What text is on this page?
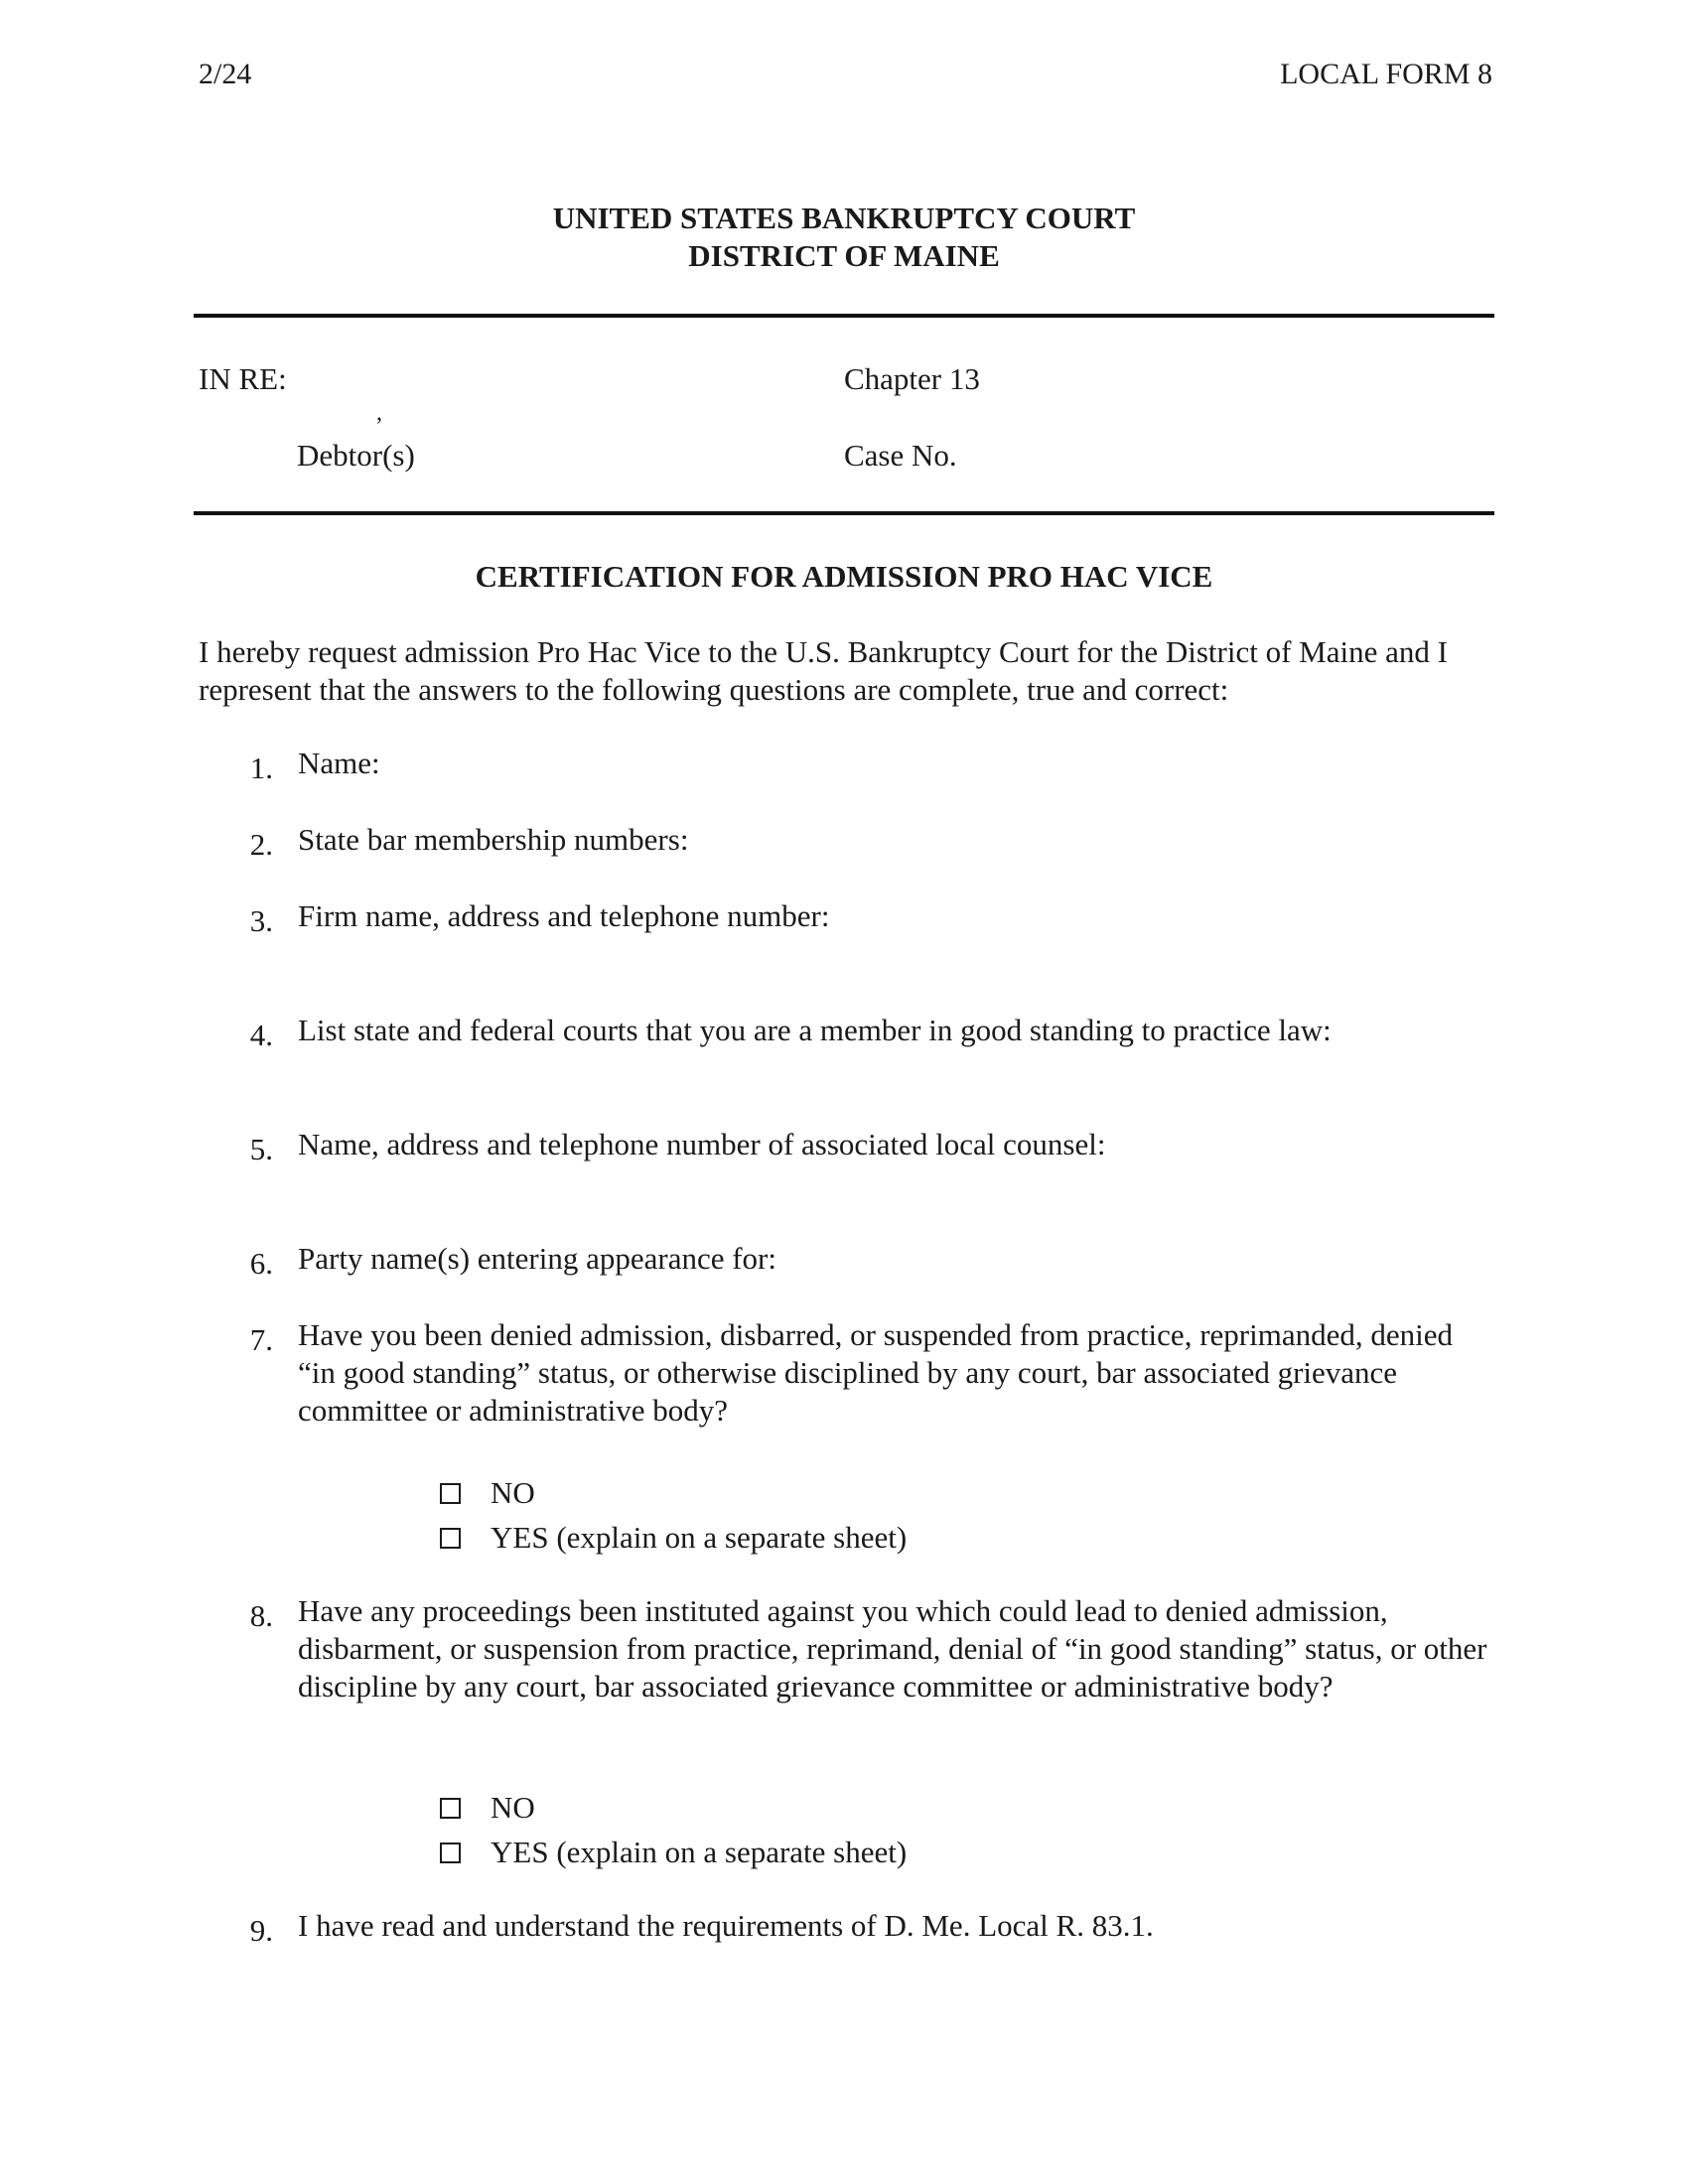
2/24	LOCAL FORM 8
UNITED STATES BANKRUPTCY COURT
DISTRICT OF MAINE
IN RE:	Chapter 13
,
Debtor(s)	Case No.
CERTIFICATION FOR ADMISSION PRO HAC VICE
I hereby request admission Pro Hac Vice to the U.S. Bankruptcy Court for the District of Maine and I represent that the answers to the following questions are complete, true and correct:
1. Name:
2. State bar membership numbers:
3. Firm name, address and telephone number:
4. List state and federal courts that you are a member in good standing to practice law:
5. Name, address and telephone number of associated local counsel:
6. Party name(s) entering appearance for:
7. Have you been denied admission, disbarred, or suspended from practice, reprimanded, denied “in good standing” status, or otherwise disciplined by any court, bar associated grievance committee or administrative body?
NO
YES (explain on a separate sheet)
8. Have any proceedings been instituted against you which could lead to denied admission, disbarment, or suspension from practice, reprimand, denial of “in good standing” status, or other discipline by any court, bar associated grievance committee or administrative body?
NO
YES (explain on a separate sheet)
9. I have read and understand the requirements of D. Me. Local R. 83.1.
